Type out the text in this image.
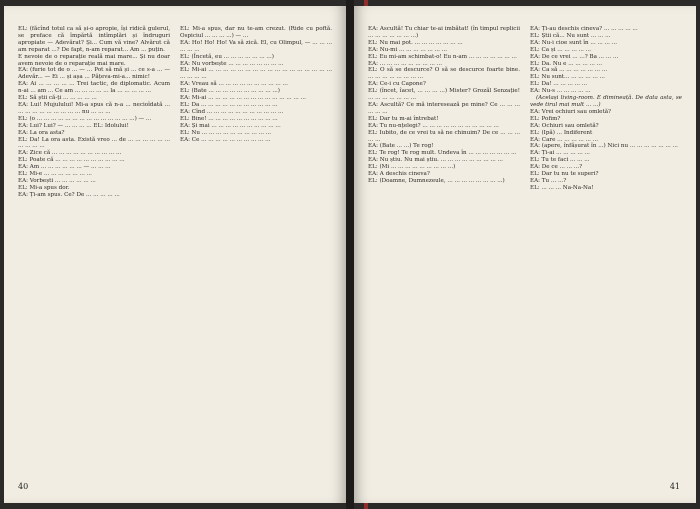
EL: (făcînd totul ca să și-o apropie, își ridică gulerul, se preface că împărtă intîmplări și îndruguri apropiate — Adevărat? Și... Cum vă vine? Alvărut că am reparat ...? De fapt, n-am reparat... Am ... puțin.

E nevoie de o reparație reală mai mare... Și nu doar avem nevoie de o reparație mai mare.

EA: (furie tot de o ... — ... Pot să mă și ... ce s-a ... — Adevăr... — Ei ... și așa ... Pățeva-mi-a... nimic!

EA: Ai ... ... ... ... ... Trei tactic, de diplomatic. Acum n-ai ... am ... Ce am ... ... ... ... ... la ... ... ... ... ...

EL: Să știi că-ți ... ... ... ... ...

EA: Lui! Mujulului! Mi-a spus că n-a ... necioîdată ... ... ... ... ... ... ... ... ... ... nu ... ... ...

EL: (o ... ... ... ... ... ... ... ... ... ... ... ... ... ...) — ...

EA: Lui? Lui? — ... ... ... ... EL: Idolului!

EA: La ora asta?

EL: Da! La ora asta. Există vreo ... de ... ... ... ... ... ... ... ... ... ...

EA: Zice că ... ... ... ... ... ... ... ... ... ...

EL: Poate că ... ... ... ... ... ... ... ... ... ...

EA: Am ... ... ... ... ... ... — ... ... ...

EL: Mi-e ... ... ... ... ... ... ...

EA: Vorbești ... ... ... ... ... ...

EL: Mi-a spus dor.

EA: Ți-am spus. Ce? De ... ... ... ... ...

EL: Mi-a spus, dar nu te-am crezut. (Ride cu poftă. Ospiciul ... ... ... ...) — ...

EA: Ho! Ho! Ho! Va să zică. El, cu Olimpul, — ... ... ... ... ... ...

EL: (Încetă, eu ... ... ... ... ... ... ...)

EA: Nu vorbește ... ... ... ... ... ... ... ...

EL: Mi-ai ... ... ... ... ... ... ... ... ... ... ... ... ... ... ... ... ... ... ... ... ...

EA: Vreau să ... ... ... ... ... ... ... ... ... ...

EL: (Bate ... ... ... ... ... ... ... ... ... ...)

EA: Mi-ai ... ... ... ... ... ... ... ... ... ... ... ... ... ...

EL: Da ... ... ... ... ... ... ... ... ... ... ...

EA: Cînd ... ... ... ... ... ... ... ... ... ... ...

EL: Bine! ... ... ... ... ... ... ... ... ... ...

EA: Și mai ... ... ... ... ... ... ... ... ... ...

EL: Nu ... ... ... ... ... ... ... ... ... ...

EA: Ce ... ... ... ... ... ... ... ... ... ...

40

EA: Ascultă! Tu chiar te-ai imbătat! (în timpul replicii ... ... ... ... ... ... ...)

EL: Nu mai pot. ... ... ... ... ... ... ...

EA: Nu-mi ... ... ... ... ... ... ...

EL: Eu mi-am schimbat-o! Eu n-am ... ... ... ... ... ... ...

EA: ... ... ... ... ... ... ... ... ...

EL: O să se descurce? O să se descurce foarte bine. ... ... ... ... ... ... ... ...

EA: Ce-i cu Capone?

EL: (încet, îacet, ... ... ... ...) Mister? Grozăl Senzație! ... ... ... ... ... ... ...

EA: Ascultă? Ce mă interesează pe mine? Ce ... ... ... ... ... ...

EL: Dar tu m-ai întrebat!

EA: Tu nu-nțelegi? ... ... ... ... ... ... ... ... ... ... ...

EL: Iubito, de ce vrei tu să ne chinuim? De ce ... ... ... ... ...

EA: (Bate ... ...) Te rog!

EL: Te rog! Te rog mult. Undeva în ... ... ... ... ... ... ...

EA: Nu știu. Nu mai știu. ... ... ... ... ... ... ... ... ...

EL: (Mi ... ... ... ... ... ... ... ... ...)

EA: A deschis cineva?

EL: (Doamne, Dumnezeule, ... ... ... ... ... ... ... ...)

EA: Ți-au deschis cineva? ... ... ... ... ...

EL: Știi că... Nu sunt ... ... ...

EA: Nu-i cioe sunt în ... ... ... ...

EL: Ca și ... ... ... ... ...

EA: De ce vrei ... ...? Ba ... ... ...

EL: Da. Nu e ... ... ... ... ...

EA: Ca să ... ... ... ... ... ... ...

EL: Nu sunt... ... ... ... ... ...

EL: Da! ... ... ... ... ...

EA: Nu-s ... ... ... ... ...

(Același living-room. E dimineață. De data asta, se vede tirul mai mult ... ...)

EA: Vrei ochiuri sau omletă?

EL: Pofim?

EA: Ochiuri sau omletă?

EL: (Ipă) ... Indiferent

EA: Care ... ... ... ... ... ...

EA: (apere, înfășurat în ...) Nici nu ... ... ... ... ... ... ...

EA: Ți-ai ... ... ... ... ...

EL: Tu te faci ... ... ...

EA: De ce ... ... ...?

EL: Dar tu nu te superi?

EA: Tu ... ...?

EL: ... ... ... Na-Na-Na!

41
